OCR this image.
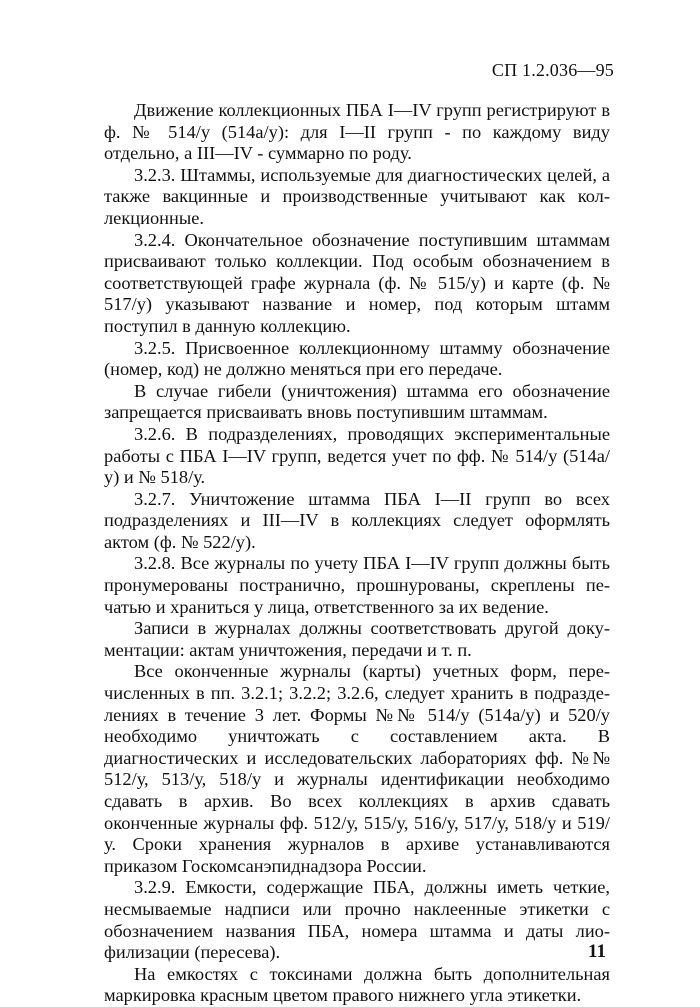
СП 1.2.036—95

Движение коллекционных ПБА I—IV групп регистрируют в ф. № 514/у (514а/у): для I—II групп - по каждому виду отдельно, а III—IV - суммарно по роду.

3.2.3. Штаммы, используемые для диагностических целей, а также вакцинные и производственные учитывают как коллекционные.

3.2.4. Окончательное обозначение поступившим штаммам присваивают только коллекции. Под особым обозначением в соответствующей графе журнала (ф. № 515/у) и карте (ф. № 517/у) указывают название и номер, под которым штамм поступил в данную коллекцию.

3.2.5. Присвоенное коллекционному штамму обозначение (номер, код) не должно меняться при его передаче.

В случае гибели (уничтожения) штамма его обозначение запрещается присваивать вновь поступившим штаммам.

3.2.6. В подразделениях, проводящих экспериментальные работы с ПБА I—IV групп, ведется учет по фф. № 514/у (514а/у) и № 518/у.

3.2.7. Уничтожение штамма ПБА I—II групп во всех подразделениях и III—IV в коллекциях следует оформлять актом (ф. № 522/у).

3.2.8. Все журналы по учету ПБА I—IV групп должны быть пронумерованы постранично, прошнурованы, скреплены печатью и храниться у лица, ответственного за их ведение.

Записи в журналах должны соответствовать другой документации: актам уничтожения, передачи и т. п.

Все оконченные журналы (карты) учетных форм, перечисленных в пп. 3.2.1; 3.2.2; 3.2.6, следует хранить в подразделениях в течение 3 лет. Формы №№ 514/у (514а/у) и 520/у необходимо уничтожать с составлением акта. В диагностических и исследовательских лабораториях фф. №№ 512/у, 513/у, 518/у и журналы идентификации необходимо сдавать в архив. Во всех коллекциях в архив сдавать оконченные журналы фф. 512/у, 515/у, 516/у, 517/у, 518/у и 519/у. Сроки хранения журналов в архиве устанавливаются приказом Госкомсанэпиднадзора России.

3.2.9. Емкости, содержащие ПБА, должны иметь четкие, несмываемые надписи или прочно наклеенные этикетки с обозначением названия ПБА, номера штамма и даты лиофилизации (пересева).

На емкостях с токсинами должна быть дополнительная маркировка красным цветом правого нижнего угла этикетки.

11
